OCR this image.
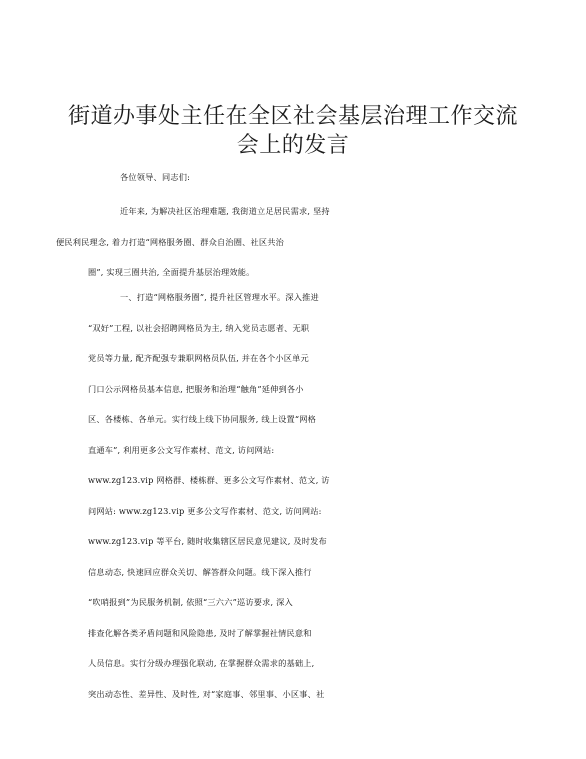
街道办事处主任在全区社会基层治理工作交流会上的发言

各位领导、同志们:

近年来, 为解决社区治理难题, 我街道立足居民需求, 坚持
便民利民理念, 着力打造“网格服务圈、群众自治圈、社区共治
圈”, 实现三圈共治, 全面提升基层治理效能。

一、打造“网格服务圈”, 提升社区管理水平。深入推进
“双好”工程, 以社会招聘网格员为主, 纳入党员志愿者、无职
党员等力量, 配齐配强专兼职网格员队伍, 并在各个小区单元
门口公示网格员基本信息, 把服务和治理“触角”延伸到各小
区、各楼栋、各单元。实行线上线下协同服务, 线上设置“网格
直通车”, 利用更多公文写作素材、范文, 访问网站:
www.zg123.vip 网格群、楼栋群、更多公文写作素材、范文, 访
问网站: www.zg123.vip 更多公文写作素材、范文, 访问网站:
www.zg123.vip 等平台, 随时收集辖区居民意见建议, 及时发布
信息动态, 快速回应群众关切、解答群众问题。线下深入推行
“吹哨报到”为民服务机制, 依照“三六六”巡访要求, 深入
排查化解各类矛盾问题和风险隐患, 及时了解掌握社情民意和
人员信息。实行分级办理强化联动, 在掌握群众需求的基础上,
突出动态性、差异性、及时性, 对“家庭事、邻里事、小区事、社
